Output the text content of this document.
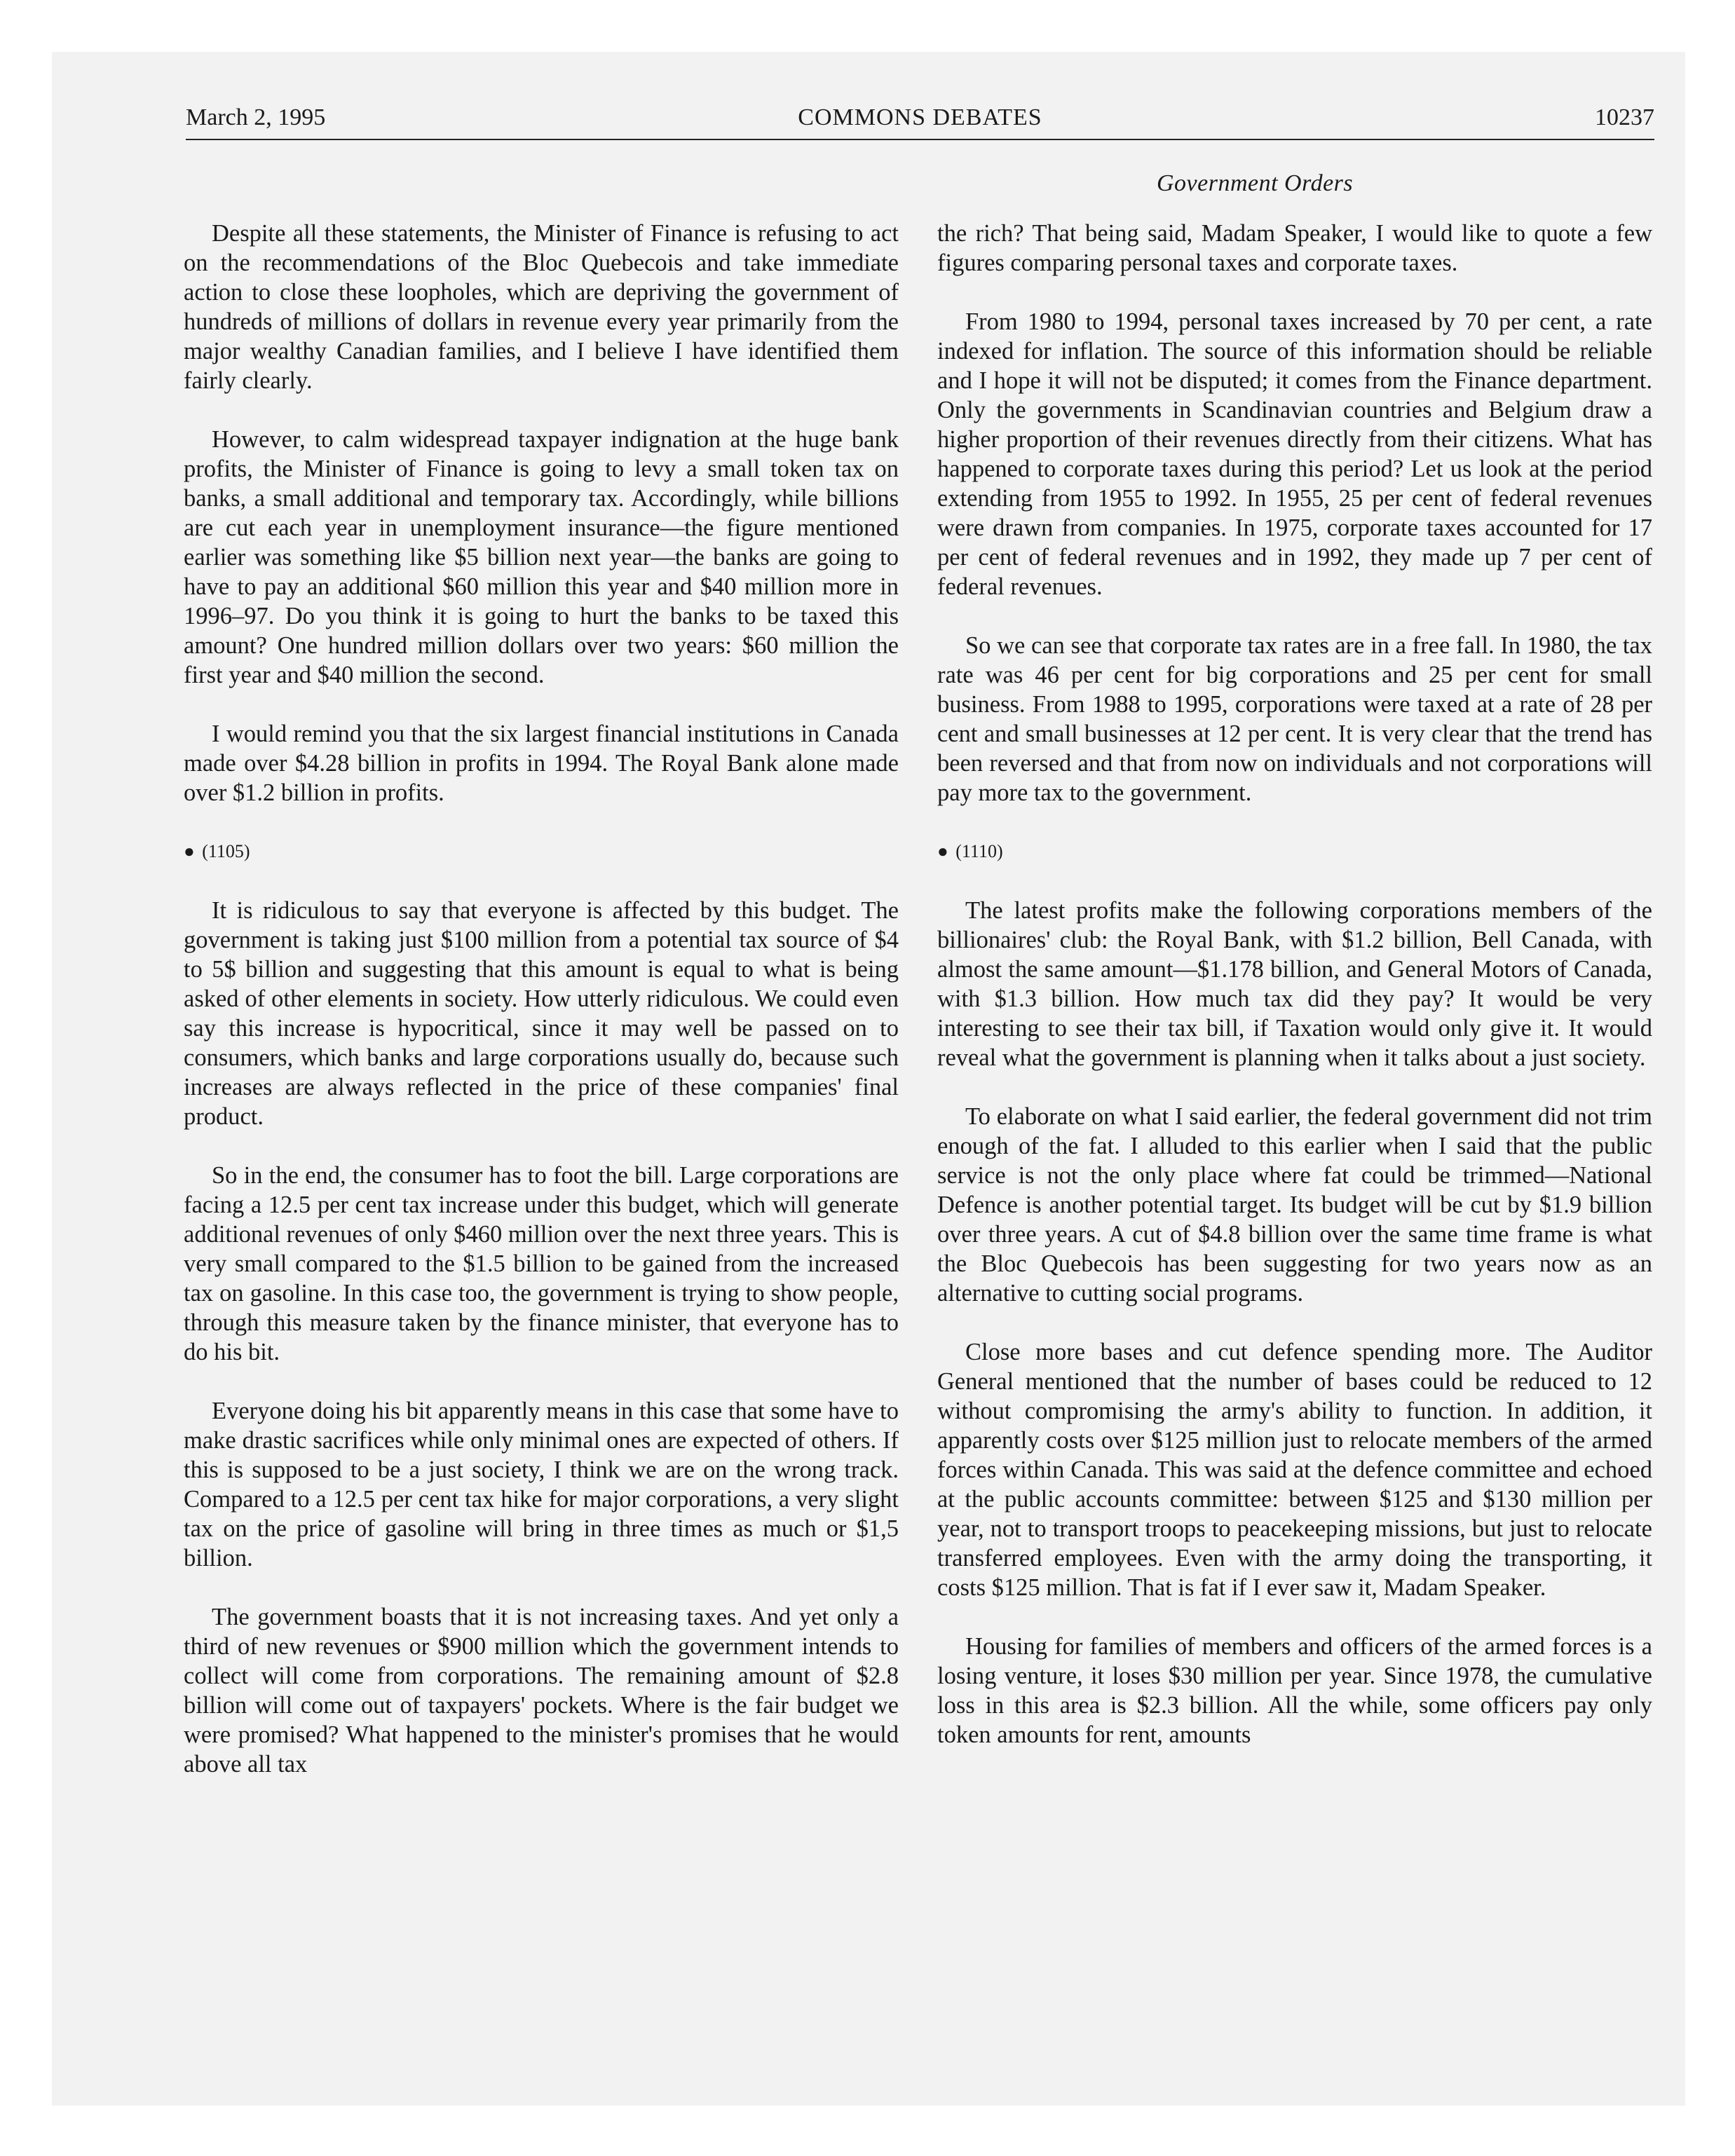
March 2, 1995	COMMONS DEBATES	10237
Government Orders

Despite all these statements, the Minister of Finance is refusing to act on the recommendations of the Bloc Quebecois and take immediate action to close these loopholes, which are depriving the government of hundreds of millions of dollars in revenue every year primarily from the major wealthy Canadian families, and I believe I have identified them fairly clearly.

However, to calm widespread taxpayer indignation at the huge bank profits, the Minister of Finance is going to levy a small token tax on banks, a small additional and temporary tax. Accordingly, while billions are cut each year in unemployment insurance—the figure mentioned earlier was something like $5 billion next year—the banks are going to have to pay an additional $60 million this year and $40 million more in 1996–97. Do you think it is going to hurt the banks to be taxed this amount? One hundred million dollars over two years: $60 million the first year and $40 million the second.

I would remind you that the six largest financial institutions in Canada made over $4.28 billion in profits in 1994. The Royal Bank alone made over $1.2 billion in profits.

● (1105)

It is ridiculous to say that everyone is affected by this budget. The government is taking just $100 million from a potential tax source of $4 to 5$ billion and suggesting that this amount is equal to what is being asked of other elements in society. How utterly ridiculous. We could even say this increase is hypocritical, since it may well be passed on to consumers, which banks and large corporations usually do, because such increases are always reflected in the price of these companies' final product.

So in the end, the consumer has to foot the bill. Large corporations are facing a 12.5 per cent tax increase under this budget, which will generate additional revenues of only $460 million over the next three years. This is very small compared to the $1.5 billion to be gained from the increased tax on gasoline. In this case too, the government is trying to show people, through this measure taken by the finance minister, that everyone has to do his bit.

Everyone doing his bit apparently means in this case that some have to make drastic sacrifices while only minimal ones are expected of others. If this is supposed to be a just society, I think we are on the wrong track. Compared to a 12.5 per cent tax hike for major corporations, a very slight tax on the price of gasoline will bring in three times as much or $1,5 billion.

The government boasts that it is not increasing taxes. And yet only a third of new revenues or $900 million which the government intends to collect will come from corporations. The remaining amount of $2.8 billion will come out of taxpayers' pockets. Where is the fair budget we were promised? What happened to the minister's promises that he would above all tax

the rich? That being said, Madam Speaker, I would like to quote a few figures comparing personal taxes and corporate taxes.

From 1980 to 1994, personal taxes increased by 70 per cent, a rate indexed for inflation. The source of this information should be reliable and I hope it will not be disputed; it comes from the Finance department. Only the governments in Scandinavian countries and Belgium draw a higher proportion of their revenues directly from their citizens. What has happened to corporate taxes during this period? Let us look at the period extending from 1955 to 1992. In 1955, 25 per cent of federal revenues were drawn from companies. In 1975, corporate taxes accounted for 17 per cent of federal revenues and in 1992, they made up 7 per cent of federal revenues.

So we can see that corporate tax rates are in a free fall. In 1980, the tax rate was 46 per cent for big corporations and 25 per cent for small business. From 1988 to 1995, corporations were taxed at a rate of 28 per cent and small businesses at 12 per cent. It is very clear that the trend has been reversed and that from now on individuals and not corporations will pay more tax to the government.

● (1110)

The latest profits make the following corporations members of the billionaires' club: the Royal Bank, with $1.2 billion, Bell Canada, with almost the same amount—$1.178 billion, and General Motors of Canada, with $1.3 billion. How much tax did they pay? It would be very interesting to see their tax bill, if Taxation would only give it. It would reveal what the government is planning when it talks about a just society.

To elaborate on what I said earlier, the federal government did not trim enough of the fat. I alluded to this earlier when I said that the public service is not the only place where fat could be trimmed—National Defence is another potential target. Its budget will be cut by $1.9 billion over three years. A cut of $4.8 billion over the same time frame is what the Bloc Quebecois has been suggesting for two years now as an alternative to cutting social programs.

Close more bases and cut defence spending more. The Auditor General mentioned that the number of bases could be reduced to 12 without compromising the army's ability to function. In addition, it apparently costs over $125 million just to relocate members of the armed forces within Canada. This was said at the defence committee and echoed at the public accounts committee: between $125 and $130 million per year, not to transport troops to peacekeeping missions, but just to relocate transferred employees. Even with the army doing the transporting, it costs $125 million. That is fat if I ever saw it, Madam Speaker.

Housing for families of members and officers of the armed forces is a losing venture, it loses $30 million per year. Since 1978, the cumulative loss in this area is $2.3 billion. All the while, some officers pay only token amounts for rent, amounts
